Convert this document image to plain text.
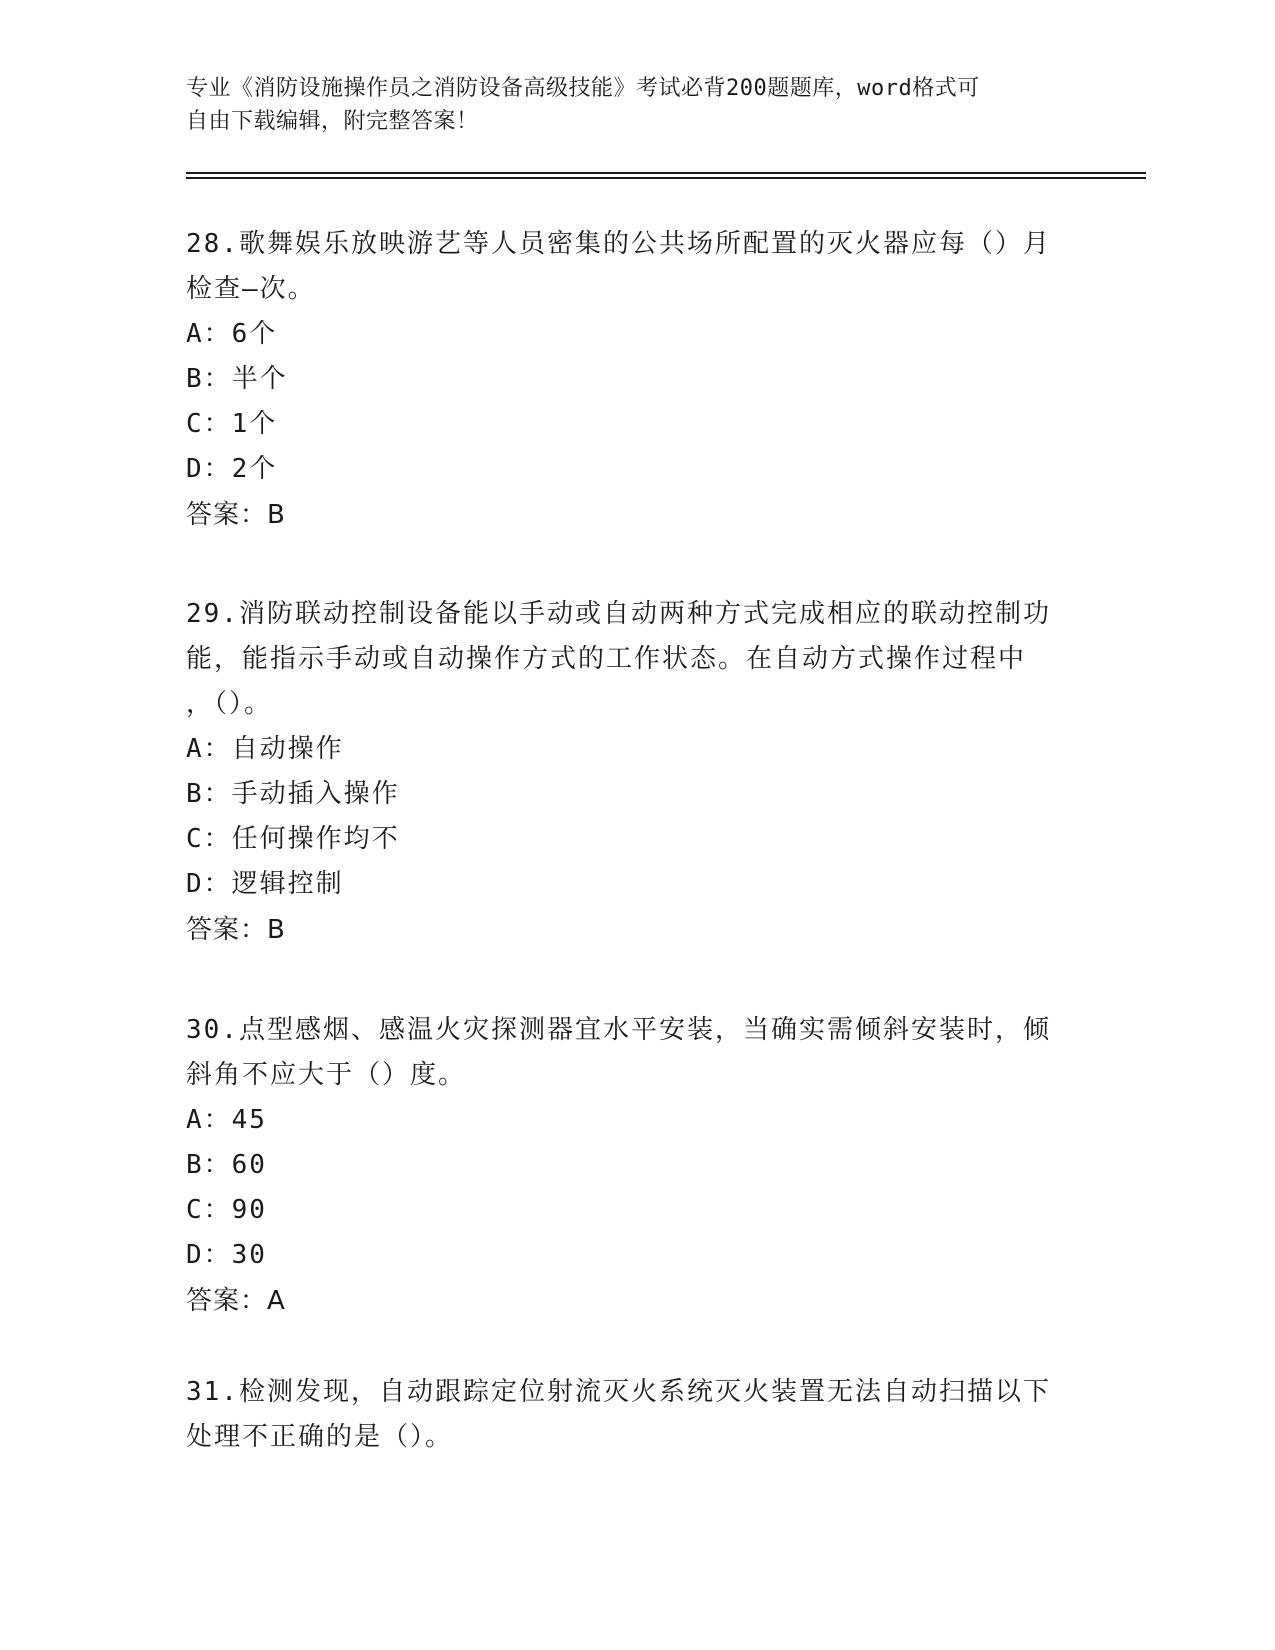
专业《消防设施操作员之消防设备高级技能》考试必背200题题库，word格式可
自由下载编辑，附完整答案！
28.歌舞娱乐放映游艺等人员密集的公共场所配置的灭火器应每（）月
检查—次。
A：6个
B：半个
C：1个
D：2个
答案：B
29.消防联动控制设备能以手动或自动两种方式完成相应的联动控制功
能，能指示手动或自动操作方式的工作状态。在自动方式操作过程中
，（）。
A：自动操作
B：手动插入操作
C：任何操作均不
D：逻辑控制
答案：B
30.点型感烟、感温火灾探测器宜水平安装，当确实需倾斜安装时，倾
斜角不应大于（）度。
A：45
B：60
C：90
D：30
答案：A
31.检测发现，自动跟踪定位射流灭火系统灭火装置无法自动扫描以下
处理不正确的是（）。
